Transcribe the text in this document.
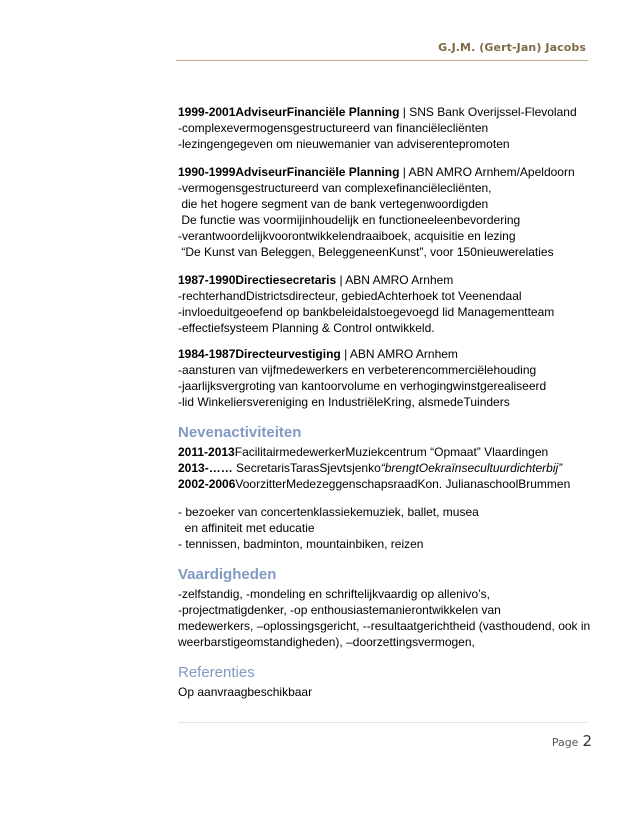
G.J.M. (Gert-Jan) Jacobs
1999-2001AdviseurFinanciële Planning | SNS Bank Overijssel-Flevoland
-complexevermogensgestructureerd van financiëlecliënten
-lezingengegeven om nieuwemanier van adviserentepromoten
1990-1999AdviseurFinanciële Planning | ABN AMRO Arnhem/Apeldoorn
-vermogensgestructureerd van complexefinanciëlecliënten,
die het hogere segment van de bank vertegenwoordigden
De functie was voormijinhoudelijk en functioneeleenbevordering
-verantwoordelijkvoorontwikkelendraaiboek, acquisitie en lezing
“De Kunst van Beleggen, BeleggeneenKunst”, voor 150nieuwerelaties
1987-1990Directiesecretaris | ABN AMRO Arnhem
-rechterhandDistrictsdirecteur, gebiedAchterhoek tot Veenendaal
-invloeduitgeoefend op bankbeleidalstoegevoegd lid Managementteam
-effectiefsysteem Planning & Control ontwikkeld.
1984-1987Directeurvestiging | ABN AMRO Arnhem
-aansturen van vijfmedewerkers en verbeterencommerciëlehouding
-jaarlijksvergroting van kantoorvolume en verhogingwinstgerealiseerd
-lid Winkeliersvereniging en IndustriëleKring, alsmedeTuinders
Nevenactiviteiten
2011-2013FacilitairmedewerkerMuziekcentrum “Opmaat” Vlaardingen
2013-…… SecretarisTarasSjevtsjenko“brengtOekraïnsecultuurdichterbij”
2002-2006VoorzitterMedezeggenschapsraadKon. JulianaschoolBrummen
- bezoeker van concertenklassiekemuziek, ballet, musea
en affiniteit met educatie
- tennissen, badminton, mountainbiken, reizen
Vaardigheden
-zelfstandig, -mondeling en schriftelijkvaardig op allenivo’s,
-projectmatigdenker, -op enthousiastemanierontwikkelen van
medewerkers, –oplossingsgericht, --resultaatgerichtheid (vasthoudend, ook in
weerbarstigeomstandigheden), –doorzettingsvermogen,
Referenties
Op aanvraagbeschikbaar
Page 2
